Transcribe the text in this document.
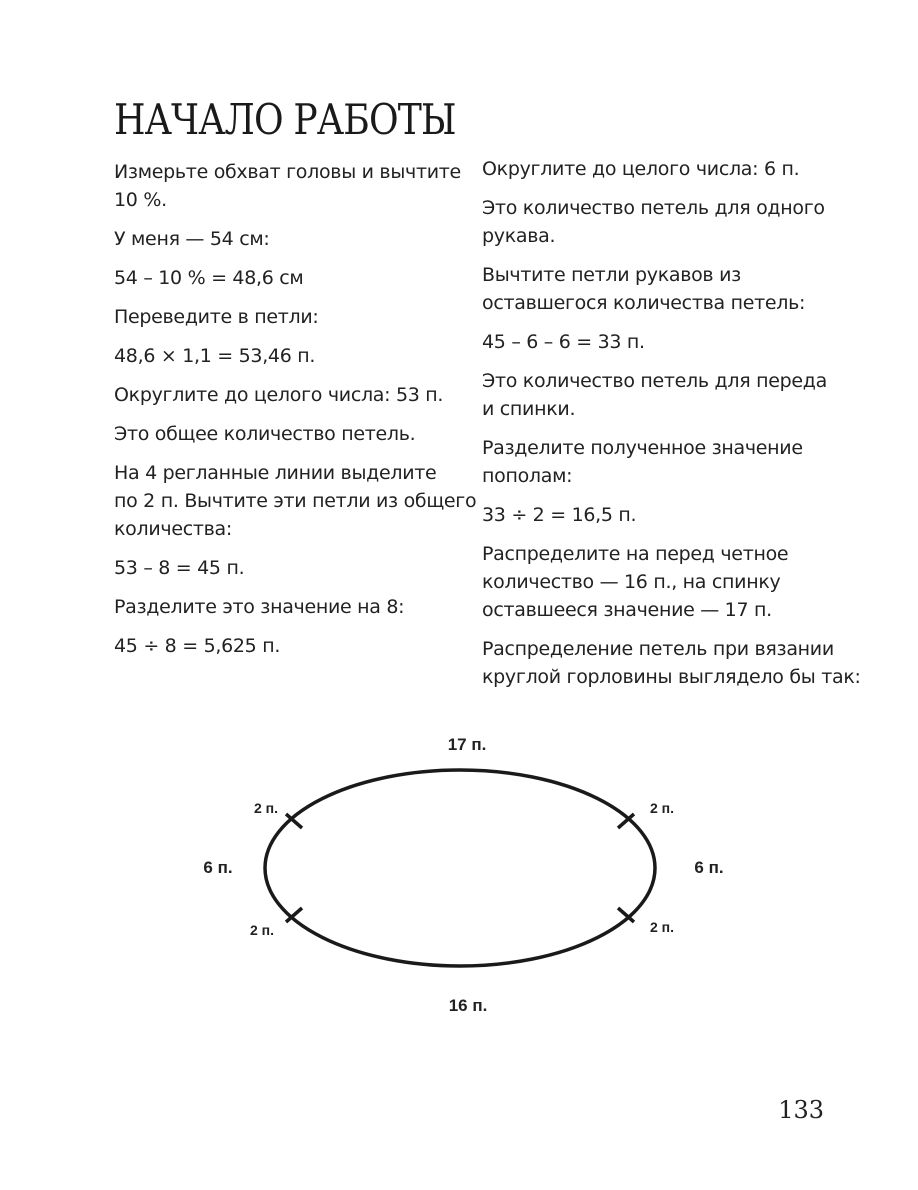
НАЧАЛО РАБОТЫ

Измерьте обхват головы и вычтите

10 %.

У меня — 54 см:

54 – 10 % = 48,6 см

Переведите в петли:

48,6 × 1,1 = 53,46 п.

Округлите до целого числа: 53 п.

Это общее количество петель.

На 4 регланные линии выделите

по 2 п. Вычтите эти петли из общего

количества:

53 – 8 = 45 п.

Разделите это значение на 8:

45 ÷ 8 = 5,625 п.

Округлите до целого числа: 6 п.

Это количество петель для одного

рукава.

Вычтите петли рукавов из

оставшегося количества петель:

45 – 6 – 6 = 33 п.

Это количество петель для переда

и спинки.

Разделите полученное значение

пополам:

33 ÷ 2 = 16,5 п.

Распределите на перед четное

количество — 16 п., на спинку

оставшееся значение — 17 п.

Распределение петель при вязании

круглой горловины выглядело бы так:

17 п.
16 п.
6 п.	6 п.
2 п.	2 п.
2 п.	2 п.
133
